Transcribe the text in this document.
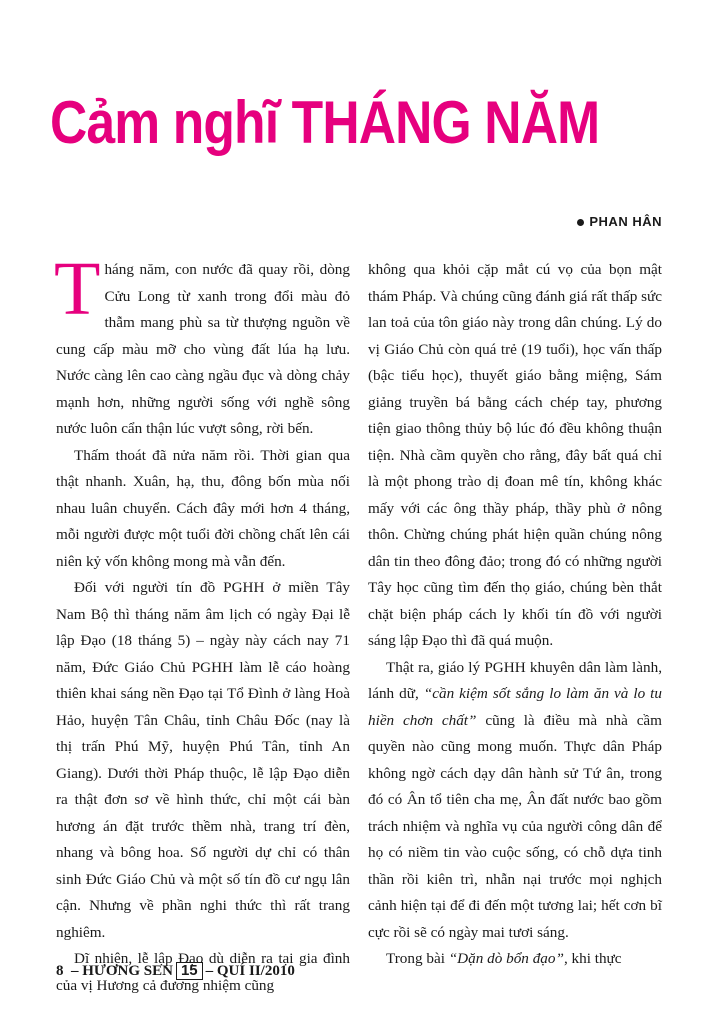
Cảm nghĩ THÁNG NĂM
PHAN HÂN

Tháng năm, con nước đã quay rồi, dòng Cửu Long từ xanh trong đổi màu đỏ thẫm mang phù sa từ thượng nguồn về cung cấp màu mỡ cho vùng đất lúa hạ lưu. Nước càng lên cao càng ngầu đục và dòng chảy mạnh hơn, những người sống với nghề sông nước luôn cẩn thận lúc vượt sông, rời bến.

Thấm thoát đã nửa năm rồi. Thời gian qua thật nhanh. Xuân, hạ, thu, đông bốn mùa nối nhau luân chuyển. Cách đây mới hơn 4 tháng, mỗi người được một tuổi đời chồng chất lên cái niên kỷ vốn không mong mà vẫn đến.

Đối với người tín đồ PGHH ở miền Tây Nam Bộ thì tháng năm âm lịch có ngày Đại lễ lập Đạo (18 tháng 5) – ngày này cách nay 71 năm, Đức Giáo Chủ PGHH làm lễ cáo hoàng thiên khai sáng nền Đạo tại Tổ Đình ở làng Hoà Hảo, huyện Tân Châu, tỉnh Châu Đốc (nay là thị trấn Phú Mỹ, huyện Phú Tân, tỉnh An Giang). Dưới thời Pháp thuộc, lễ lập Đạo diễn ra thật đơn sơ về hình thức, chỉ một cái bàn hương án đặt trước thềm nhà, trang trí đèn, nhang và bông hoa. Số người dự chỉ có thân sinh Đức Giáo Chủ và một số tín đồ cư ngụ lân cận. Nhưng về phần nghi thức thì rất trang nghiêm.

Dĩ nhiên, lễ lập Đạo dù diễn ra tại gia đình của vị Hương cả đương nhiệm cũng

không qua khỏi cặp mắt cú vọ của bọn mật thám Pháp. Và chúng cũng đánh giá rất thấp sức lan toả của tôn giáo này trong dân chúng. Lý do vị Giáo Chủ còn quá trẻ (19 tuổi), học vấn thấp (bậc tiểu học), thuyết giáo bằng miệng, Sám giảng truyền bá bằng cách chép tay, phương tiện giao thông thủy bộ lúc đó đều không thuận tiện. Nhà cầm quyền cho rằng, đây bất quá chỉ là một phong trào dị đoan mê tín, không khác mấy với các ông thầy pháp, thầy phù ở nông thôn. Chừng chúng phát hiện quần chúng nông dân tin theo đông đảo; trong đó có những người Tây học cũng tìm đến thọ giáo, chúng bèn thắt chặt biện pháp cách ly khối tín đồ với người sáng lập Đạo thì đã quá muộn.

Thật ra, giáo lý PGHH khuyên dân làm lành, lánh dữ, “cần kiệm sốt sắng lo làm ăn và lo tu hiền chơn chất” cũng là điều mà nhà cầm quyền nào cũng mong muốn. Thực dân Pháp không ngờ cách dạy dân hành sử Tứ ân, trong đó có Ân tổ tiên cha mẹ, Ân đất nước bao gồm trách nhiệm và nghĩa vụ của người công dân để họ có niềm tin vào cuộc sống, có chỗ dựa tinh thần rồi kiên trì, nhẫn nại trước mọi nghịch cảnh hiện tại để đi đến một tương lai; hết cơn bĩ cực rồi sẽ có ngày mai tươi sáng.

Trong bài “Dặn dò bổn đạo”, khi thực

8 – HƯƠNG SEN 15 – QUÍ II/2010
